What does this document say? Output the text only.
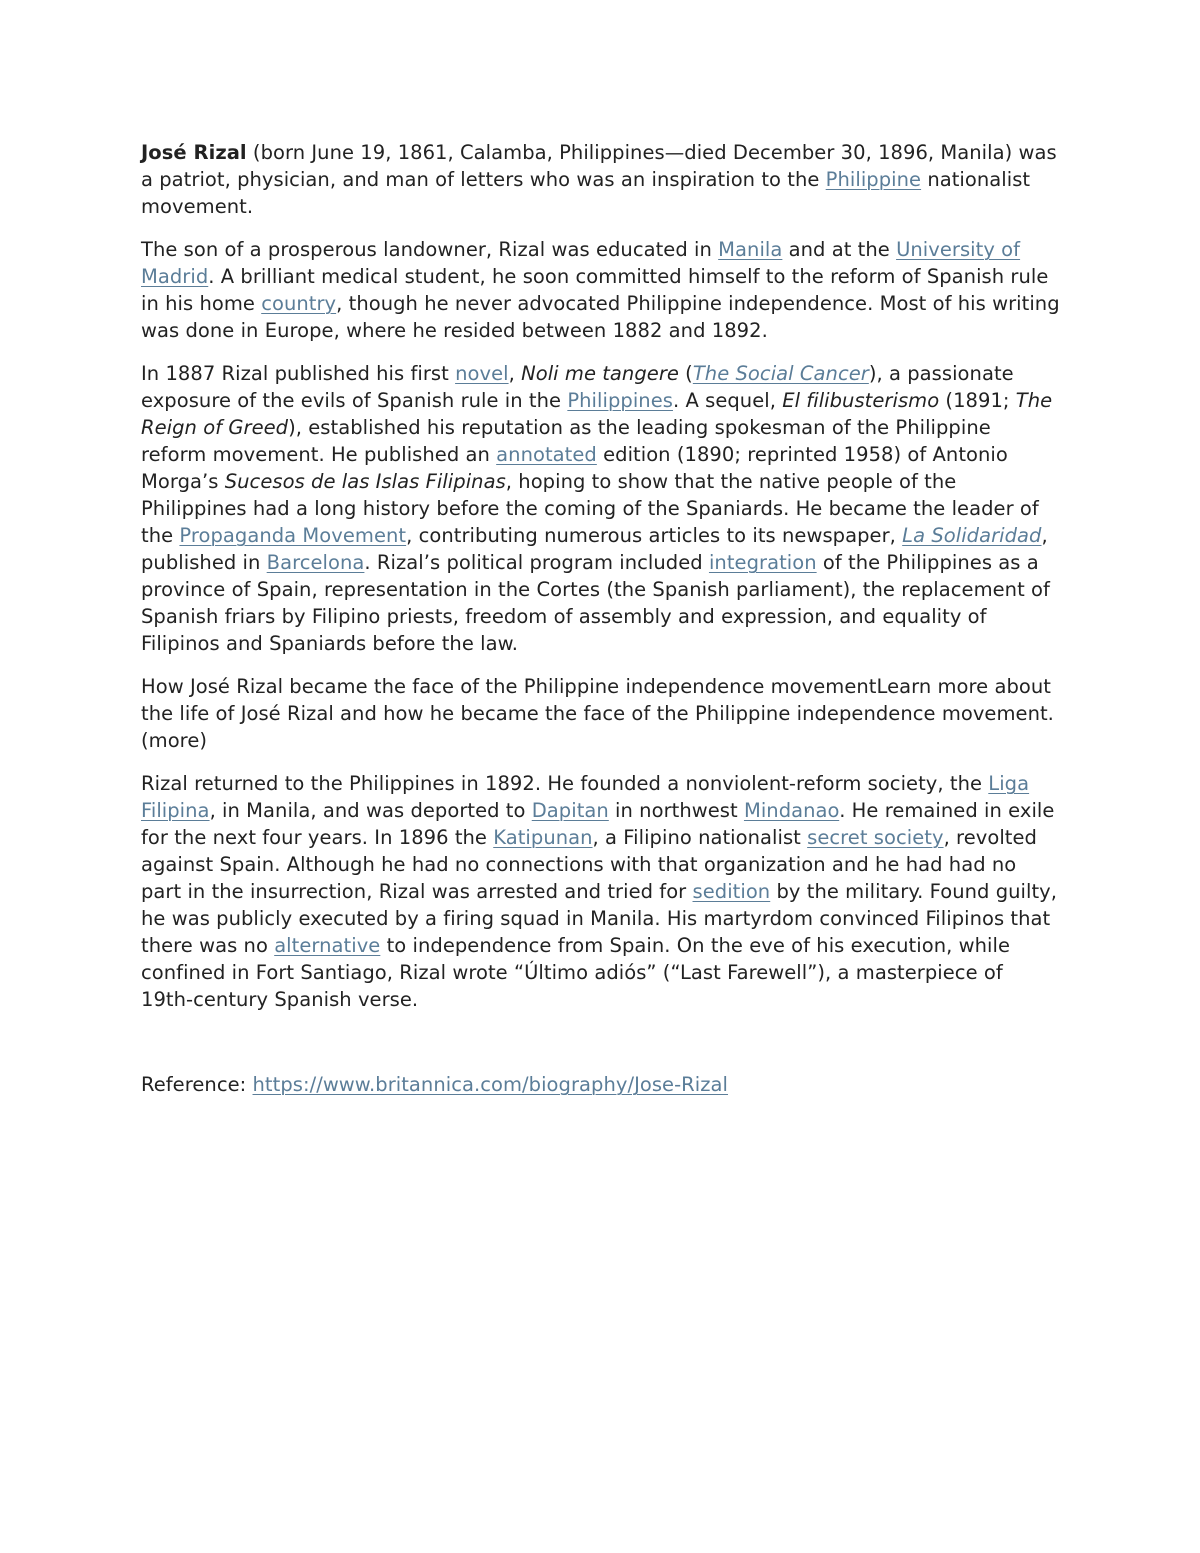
José Rizal (born June 19, 1861, Calamba, Philippines—died December 30, 1896, Manila) was a patriot, physician, and man of letters who was an inspiration to the Philippine nationalist movement.

The son of a prosperous landowner, Rizal was educated in Manila and at the University of Madrid. A brilliant medical student, he soon committed himself to the reform of Spanish rule in his home country, though he never advocated Philippine independence. Most of his writing was done in Europe, where he resided between 1882 and 1892.

In 1887 Rizal published his first novel, Noli me tangere (The Social Cancer), a passionate exposure of the evils of Spanish rule in the Philippines. A sequel, El filibusterismo (1891; The Reign of Greed), established his reputation as the leading spokesman of the Philippine reform movement. He published an annotated edition (1890; reprinted 1958) of Antonio Morga’s Sucesos de las Islas Filipinas, hoping to show that the native people of the Philippines had a long history before the coming of the Spaniards. He became the leader of the Propaganda Movement, contributing numerous articles to its newspaper, La Solidaridad, published in Barcelona. Rizal’s political program included integration of the Philippines as a province of Spain, representation in the Cortes (the Spanish parliament), the replacement of Spanish friars by Filipino priests, freedom of assembly and expression, and equality of Filipinos and Spaniards before the law.

How José Rizal became the face of the Philippine independence movementLearn more about the life of José Rizal and how he became the face of the Philippine independence movement.(more)

Rizal returned to the Philippines in 1892. He founded a nonviolent-reform society, the Liga Filipina, in Manila, and was deported to Dapitan in northwest Mindanao. He remained in exile for the next four years. In 1896 the Katipunan, a Filipino nationalist secret society, revolted against Spain. Although he had no connections with that organization and he had had no part in the insurrection, Rizal was arrested and tried for sedition by the military. Found guilty, he was publicly executed by a firing squad in Manila. His martyrdom convinced Filipinos that there was no alternative to independence from Spain. On the eve of his execution, while confined in Fort Santiago, Rizal wrote “Último adiós” (“Last Farewell”), a masterpiece of 19th-century Spanish verse.

Reference: https://www.britannica.com/biography/Jose-Rizal
